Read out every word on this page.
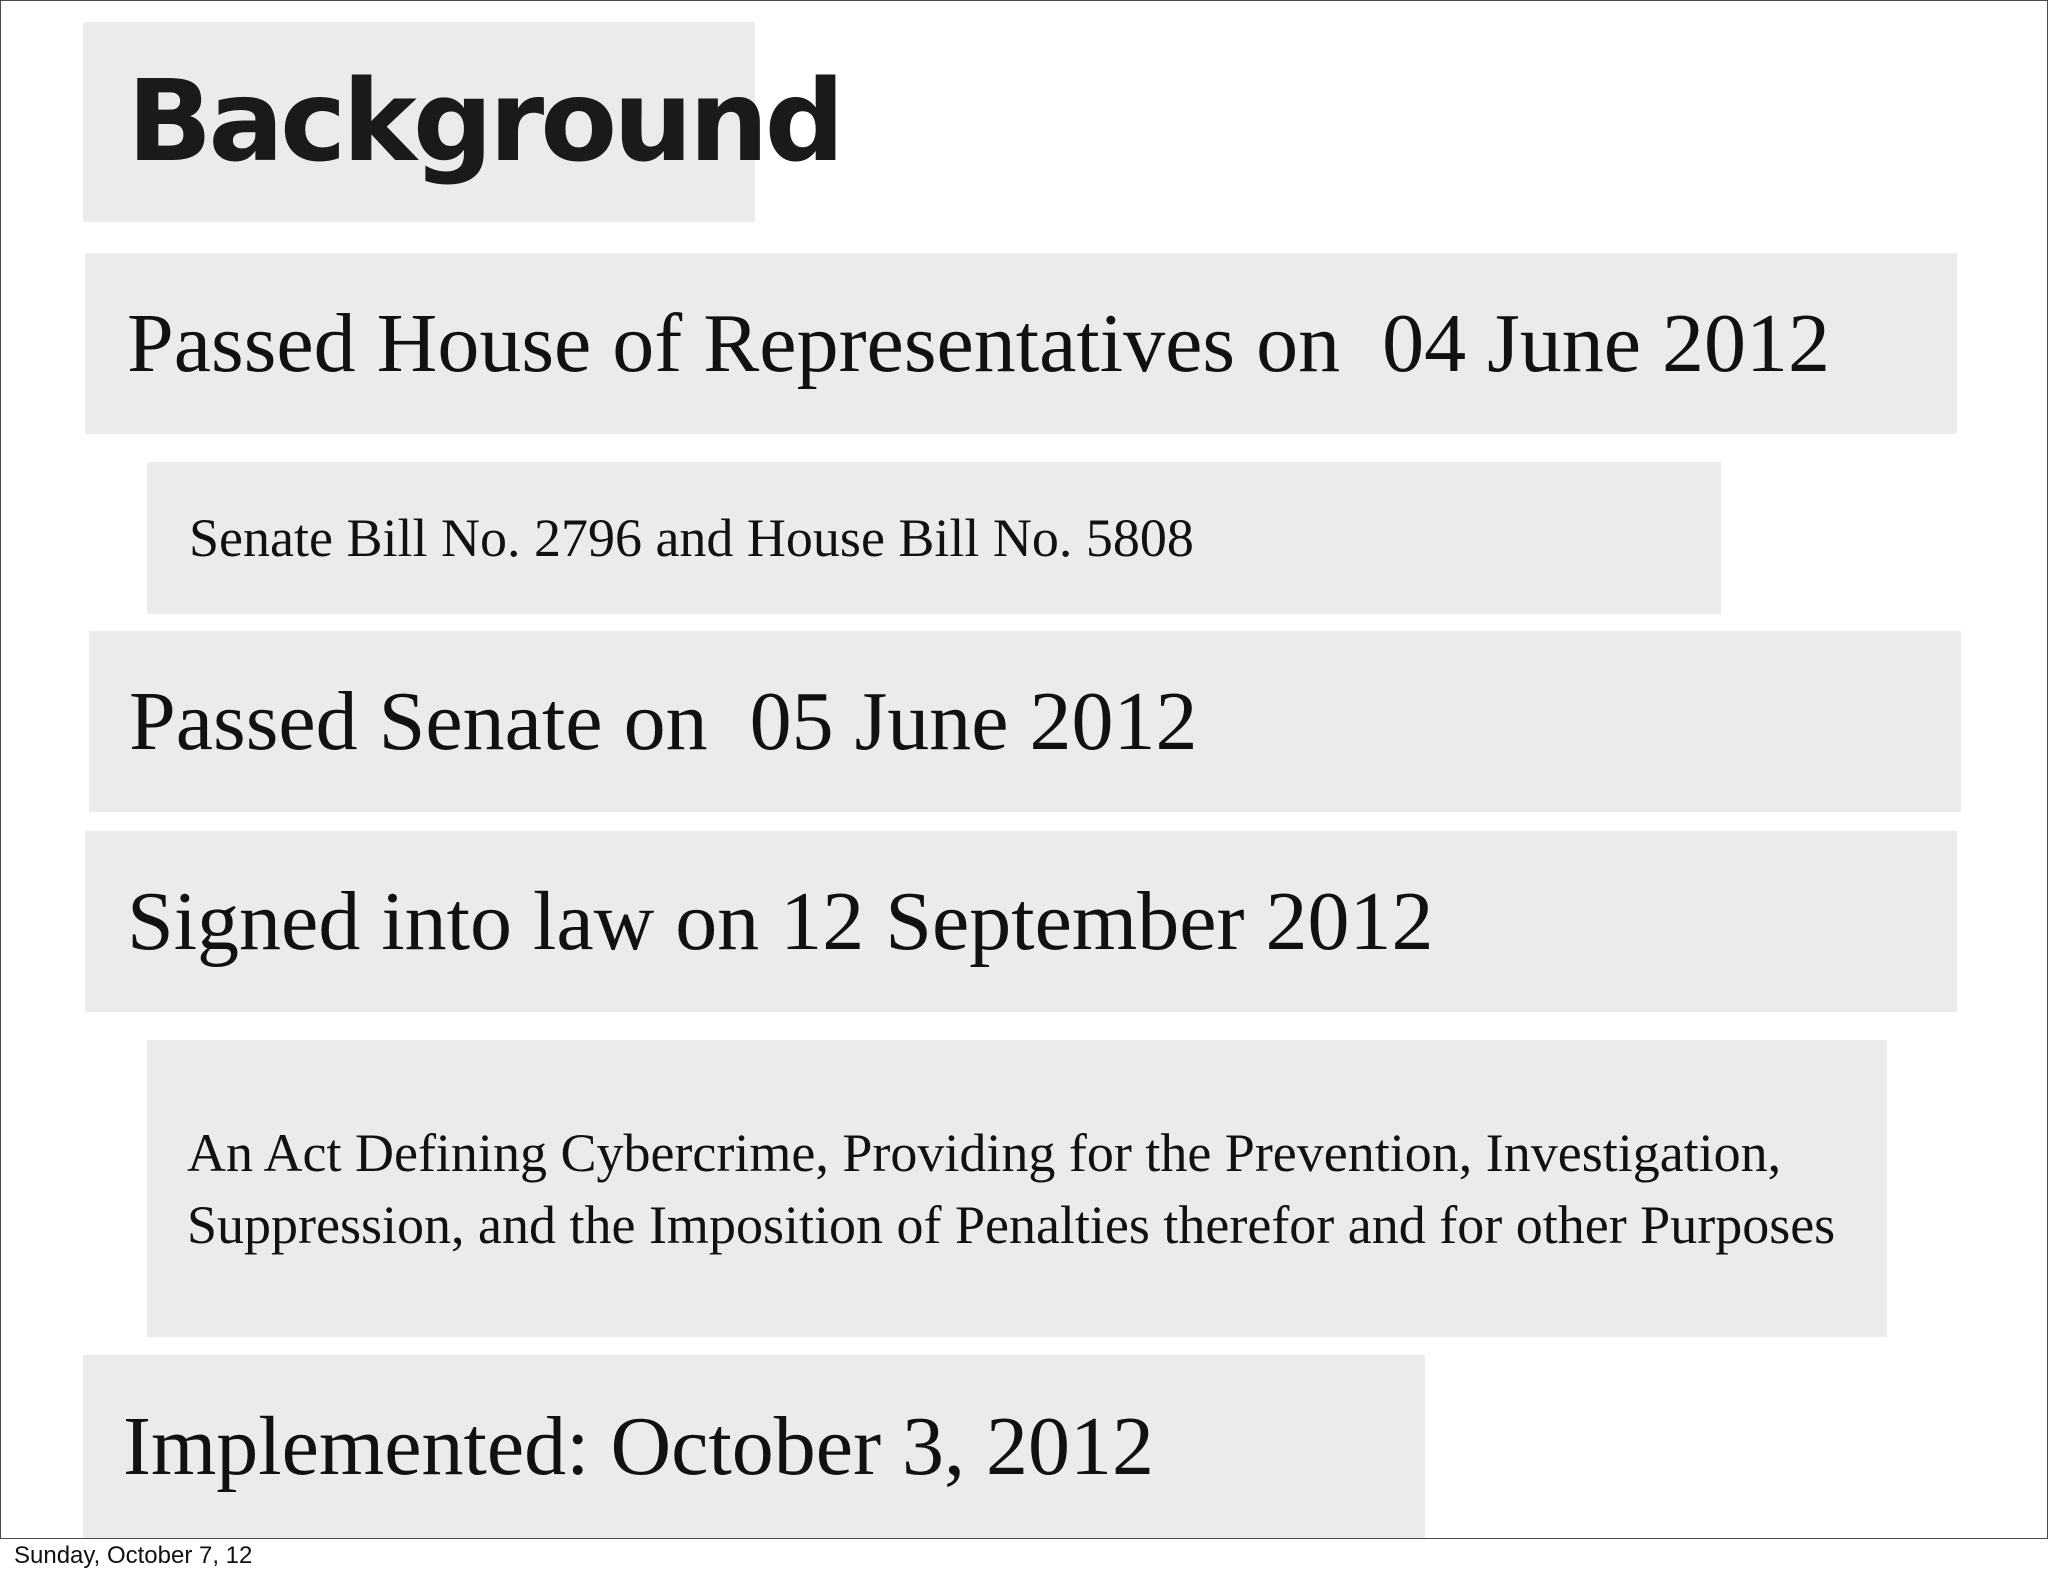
Background
Passed House of Representatives on  04 June 2012
Senate Bill No. 2796 and House Bill No. 5808
Passed Senate on  05 June 2012
Signed into law on 12 September 2012
An Act Defining Cybercrime, Providing for the Prevention, Investigation, Suppression, and the Imposition of Penalties therefor and for other Purposes
Implemented: October 3, 2012
Sunday, October 7, 12
